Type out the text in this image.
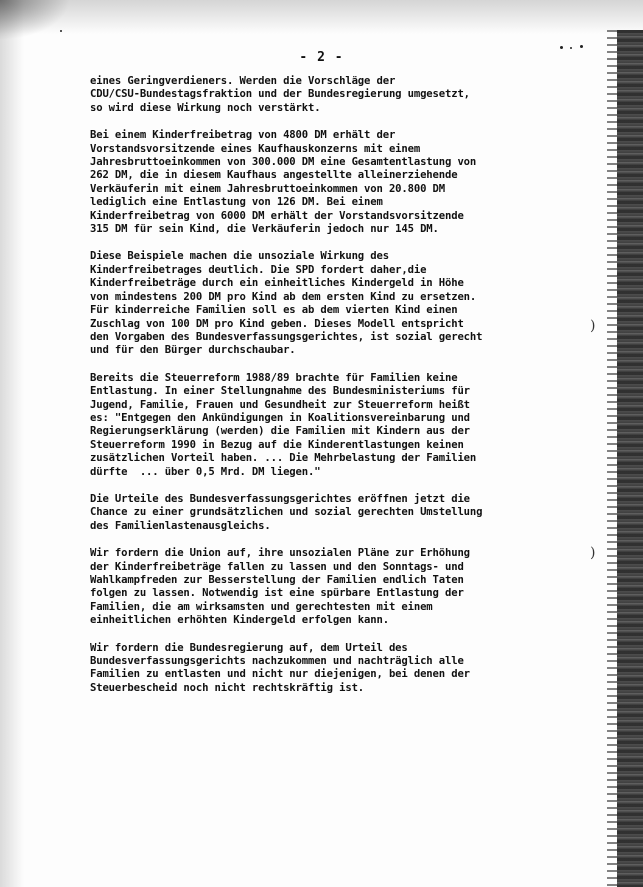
)
)
- 2 -
eines Geringverdieners. Werden die Vorschläge der
CDU/CSU-Bundestagsfraktion und der Bundesregierung umgesetzt,
so wird diese Wirkung noch verstärkt.
Bei einem Kinderfreibetrag von 4800 DM erhält der
Vorstandsvorsitzende eines Kaufhauskonzerns mit einem
Jahresbruttoeinkommen von 300.000 DM eine Gesamtentlastung von
262 DM, die in diesem Kaufhaus angestellte alleinerziehende
Verkäuferin mit einem Jahresbruttoeinkommen von 20.800 DM
lediglich eine Entlastung von 126 DM. Bei einem
Kinderfreibetrag von 6000 DM erhält der Vorstandsvorsitzende
315 DM für sein Kind, die Verkäuferin jedoch nur 145 DM.
Diese Beispiele machen die unsoziale Wirkung des
Kinderfreibetrages deutlich. Die SPD fordert daher,die
Kinderfreibeträge durch ein einheitliches Kindergeld in Höhe
von mindestens 200 DM pro Kind ab dem ersten Kind zu ersetzen.
Für kinderreiche Familien soll es ab dem vierten Kind einen
Zuschlag von 100 DM pro Kind geben. Dieses Modell entspricht
den Vorgaben des Bundesverfassungsgerichtes, ist sozial gerecht
und für den Bürger durchschaubar.
Bereits die Steuerreform 1988/89 brachte für Familien keine
Entlastung. In einer Stellungnahme des Bundesministeriums für
Jugend, Familie, Frauen und Gesundheit zur Steuerreform heißt
es: "Entgegen den Ankündigungen in Koalitionsvereinbarung und
Regierungserklärung (werden) die Familien mit Kindern aus der
Steuerreform 1990 in Bezug auf die Kinderentlastungen keinen
zusätzlichen Vorteil haben. ... Die Mehrbelastung der Familien
dürfte  ... über 0,5 Mrd. DM liegen."
Die Urteile des Bundesverfassungsgerichtes eröffnen jetzt die
Chance zu einer grundsätzlichen und sozial gerechten Umstellung
des Familienlastenausgleichs.
Wir fordern die Union auf, ihre unsozialen Pläne zur Erhöhung
der Kinderfreibeträge fallen zu lassen und den Sonntags- und
Wahlkampfreden zur Besserstellung der Familien endlich Taten
folgen zu lassen. Notwendig ist eine spürbare Entlastung der
Familien, die am wirksamsten und gerechtesten mit einem
einheitlichen erhöhten Kindergeld erfolgen kann.
Wir fordern die Bundesregierung auf, dem Urteil des
Bundesverfassungsgerichts nachzukommen und nachträglich alle
Familien zu entlasten und nicht nur diejenigen, bei denen der
Steuerbescheid noch nicht rechtskräftig ist.
